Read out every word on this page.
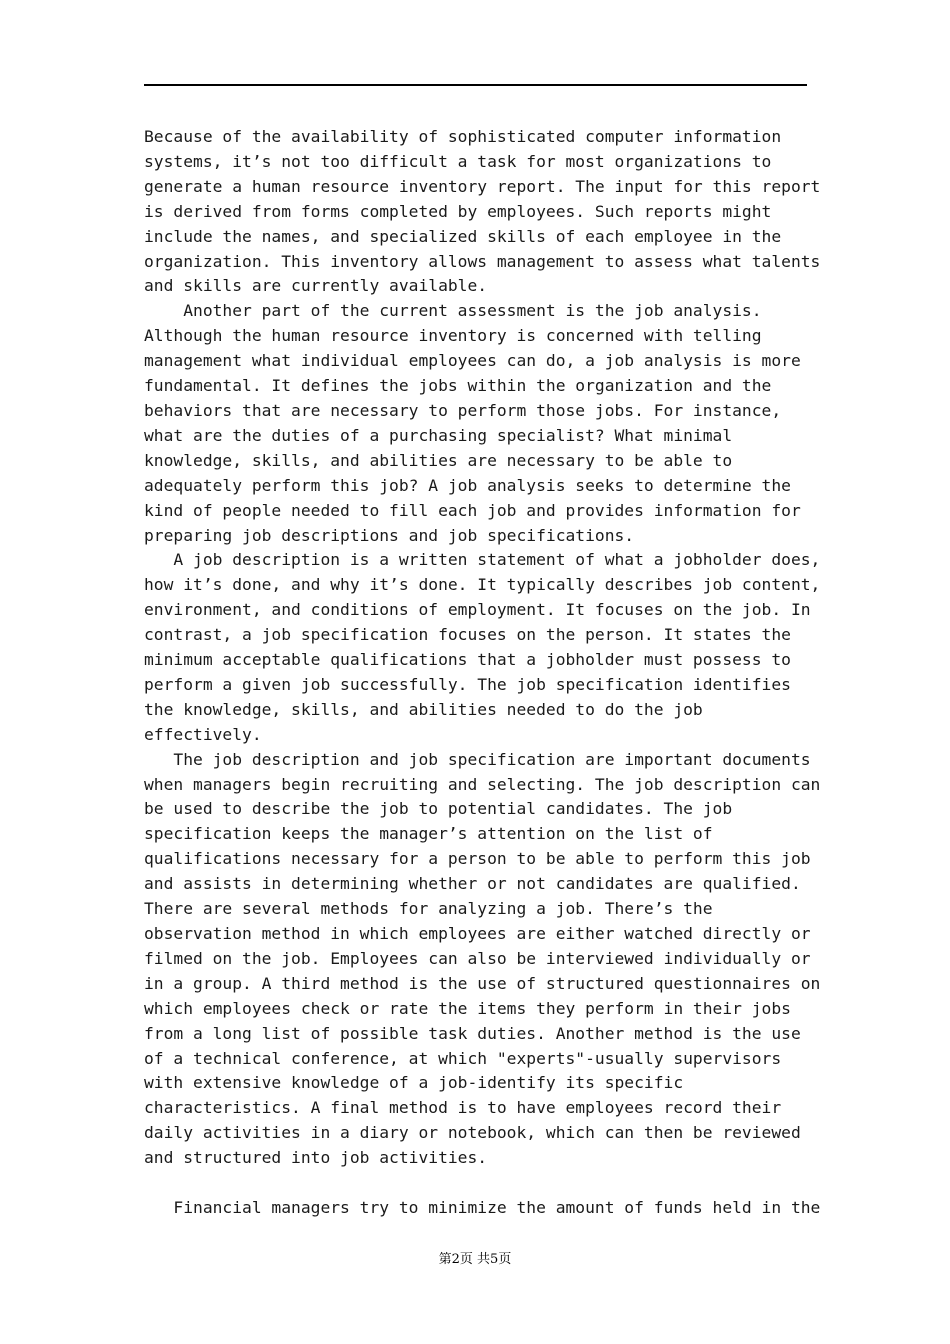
Because of the availability of sophisticated computer information
systems, it’s not too difficult a task for most organizations to
generate a human resource inventory report. The input for this report
is derived from forms completed by employees. Such reports might
include the names, and specialized skills of each employee in the
organization. This inventory allows management to assess what talents
and skills are currently available.
Another part of the current assessment is the job analysis.
Although the human resource inventory is concerned with telling
management what individual employees can do, a job analysis is more
fundamental. It defines the jobs within the organization and the
behaviors that are necessary to perform those jobs. For instance,
what are the duties of a purchasing specialist? What minimal
knowledge, skills, and abilities are necessary to be able to
adequately perform this job? A job analysis seeks to determine the
kind of people needed to fill each job and provides information for
preparing job descriptions and job specifications.
A job description is a written statement of what a jobholder does,
how it’s done, and why it’s done. It typically describes job content,
environment, and conditions of employment. It focuses on the job. In
contrast, a job specification focuses on the person. It states the
minimum acceptable qualifications that a jobholder must possess to
perform a given job successfully. The job specification identifies
the knowledge, skills, and abilities needed to do the job
effectively.
The job description and job specification are important documents
when managers begin recruiting and selecting. The job description can
be used to describe the job to potential candidates. The job
specification keeps the manager’s attention on the list of
qualifications necessary for a person to be able to perform this job
and assists in determining whether or not candidates are qualified.
There are several methods for analyzing a job. There’s the
observation method in which employees are either watched directly or
filmed on the job. Employees can also be interviewed individually or
in a group. A third method is the use of structured questionnaires on
which employees check or rate the items they perform in their jobs
from a long list of possible task duties. Another method is the use
of a technical conference, at which "experts"-usually supervisors
with extensive knowledge of a job-identify its specific
characteristics. A final method is to have employees record their
daily activities in a diary or notebook, which can then be reviewed
and structured into job activities.
Financial managers try to minimize the amount of funds held in the
第2页 共5页
